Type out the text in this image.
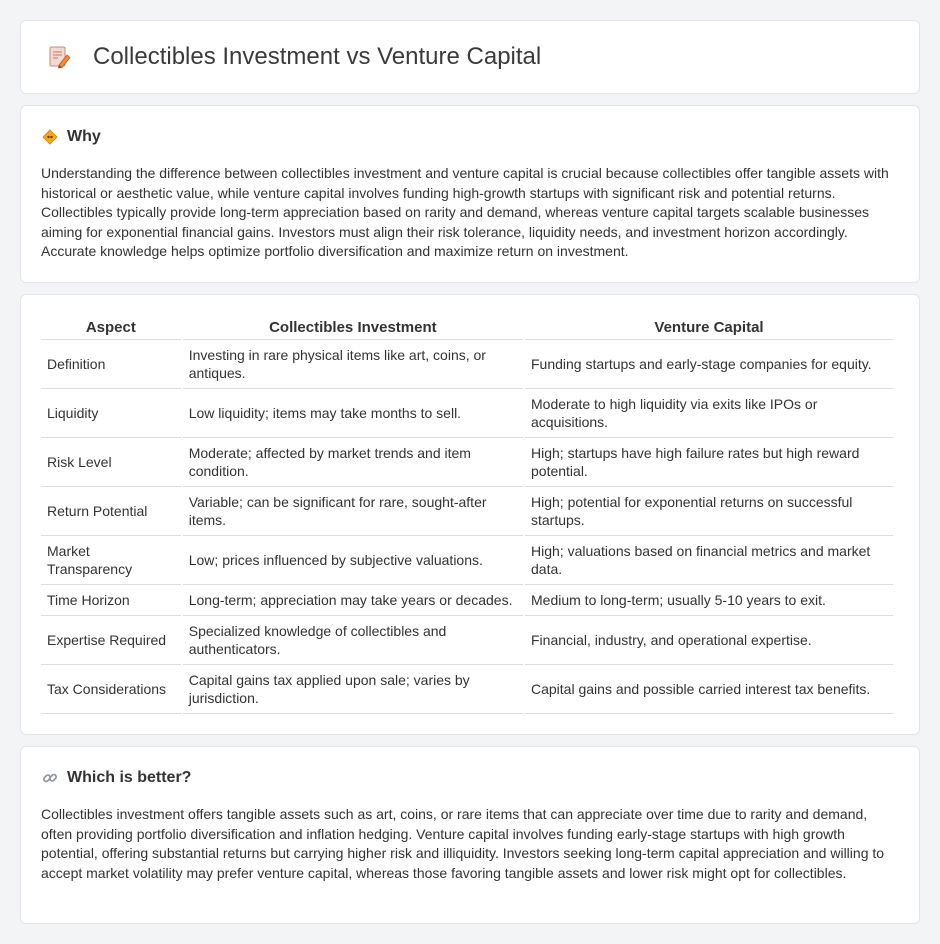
Collectibles Investment vs Venture Capital
Why

Understanding the difference between collectibles investment and venture capital is crucial because collectibles offer tangible assets with historical or aesthetic value, while venture capital involves funding high-growth startups with significant risk and potential returns. Collectibles typically provide long-term appreciation based on rarity and demand, whereas venture capital targets scalable businesses aiming for exponential financial gains. Investors must align their risk tolerance, liquidity needs, and investment horizon accordingly. Accurate knowledge helps optimize portfolio diversification and maximize return on investment.

Aspect	Collectibles Investment	Venture Capital
Definition	Investing in rare physical items like art, coins, or antiques.	Funding startups and early-stage companies for equity.
Liquidity	Low liquidity; items may take months to sell.	Moderate to high liquidity via exits like IPOs or acquisitions.
Risk Level	Moderate; affected by market trends and item condition.	High; startups have high failure rates but high reward potential.
Return Potential	Variable; can be significant for rare, sought-after items.	High; potential for exponential returns on successful startups.
Market Transparency	Low; prices influenced by subjective valuations.	High; valuations based on financial metrics and market data.
Time Horizon	Long-term; appreciation may take years or decades.	Medium to long-term; usually 5-10 years to exit.
Expertise Required	Specialized knowledge of collectibles and authenticators.	Financial, industry, and operational expertise.
Tax Considerations	Capital gains tax applied upon sale; varies by jurisdiction.	Capital gains and possible carried interest tax benefits.
Which is better?

Collectibles investment offers tangible assets such as art, coins, or rare items that can appreciate over time due to rarity and demand, often providing portfolio diversification and inflation hedging. Venture capital involves funding early-stage startups with high growth potential, offering substantial returns but carrying higher risk and illiquidity. Investors seeking long-term capital appreciation and willing to accept market volatility may prefer venture capital, whereas those favoring tangible assets and lower risk might opt for collectibles.
